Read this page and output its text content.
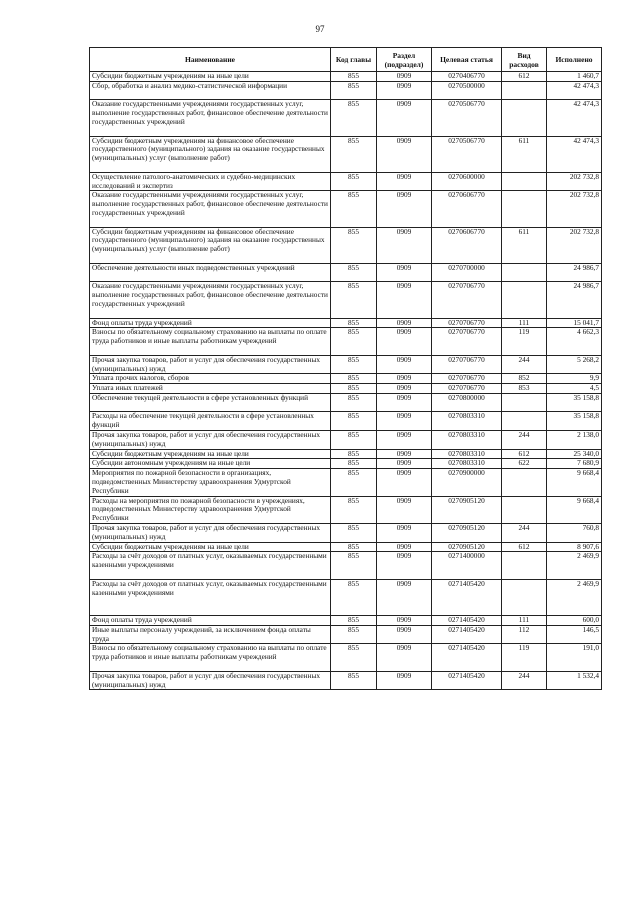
97
Наименование	Код главы	Раздел (подраздел)	Целевая статья	Вид расходов	Исполнено
Субсидии бюджетным учреждениям на иные цели	855	0909	0270406770	612	1 460,7
Сбор, обработка и анализ медико-статистической информации	855	0909	0270500000		42 474,3
Оказание государственными учреждениями государственных услуг, выполнение государственных работ, финансовое обеспечение деятельности государственных учреждений	855	0909	0270506770		42 474,3
Субсидии бюджетным учреждениям на финансовое обеспечение государственного (муниципального) задания на оказание государственных (муниципальных) услуг (выполнение работ)	855	0909	0270506770	611	42 474,3
Осуществление патолого-анатомических и судебно-медицинских исследований и экспертиз	855	0909	0270600000		202 732,8
Оказание государственными учреждениями государственных услуг, выполнение государственных работ, финансовое обеспечение деятельности государственных учреждений	855	0909	0270606770		202 732,8
Субсидии бюджетным учреждениям на финансовое обеспечение государственного (муниципального) задания на оказание государственных (муниципальных) услуг (выполнение работ)	855	0909	0270606770	611	202 732,8
Обеспечение деятельности иных подведомственных учреждений	855	0909	0270700000		24 986,7
Оказание государственными учреждениями государственных услуг, выполнение государственных работ, финансовое обеспечение деятельности государственных учреждений	855	0909	0270706770		24 986,7
Фонд оплаты труда учреждений	855	0909	0270706770	111	15 041,7
Взносы по обязательному социальному страхованию на выплаты по оплате труда работников и иные выплаты работникам учреждений	855	0909	0270706770	119	4 662,3
Прочая закупка товаров, работ и услуг для обеспечения государственных (муниципальных) нужд	855	0909	0270706770	244	5 268,2
Уплата прочих налогов, сборов	855	0909	0270706770	852	9,9
Уплата иных платежей	855	0909	0270706770	853	4,5
Обеспечение текущей деятельности в сфере установленных функций	855	0909	0270800000		35 158,8
Расходы на обеспечение текущей деятельности в сфере установленных функций	855	0909	0270803310		35 158,8
Прочая закупка товаров, работ и услуг для обеспечения государственных (муниципальных) нужд	855	0909	0270803310	244	2 138,0
Субсидии бюджетным учреждениям на иные цели	855	0909	0270803310	612	25 340,0
Субсидии автономным учреждениям на иные цели	855	0909	0270803310	622	7 680,9
Мероприятия по пожарной безопасности в организациях, подведомственных Министерству здравоохранения Удмуртской Республики	855	0909	0270900000		9 668,4
Расходы на мероприятия по пожарной безопасности в учреждениях, подведомственных Министерству здравоохранения Удмуртской Республики	855	0909	0270905120		9 668,4
Прочая закупка товаров, работ и услуг для обеспечения государственных (муниципальных) нужд	855	0909	0270905120	244	760,8
Субсидии бюджетным учреждениям на иные цели	855	0909	0270905120	612	8 907,6
Расходы за счёт доходов от платных услуг, оказываемых государственными казенными учреждениями	855	0909	0271400000		2 469,9
Расходы за счёт доходов от платных услуг, оказываемых государственными казенными учреждениями	855	0909	0271405420		2 469,9
Фонд оплаты труда учреждений	855	0909	0271405420	111	600,0
Иные выплаты персоналу учреждений, за исключением фонда оплаты труда	855	0909	0271405420	112	146,5
Взносы по обязательному социальному страхованию на выплаты по оплате труда работников и иные выплаты работникам учреждений	855	0909	0271405420	119	191,0
Прочая закупка товаров, работ и услуг для обеспечения государственных (муниципальных) нужд	855	0909	0271405420	244	1 532,4
